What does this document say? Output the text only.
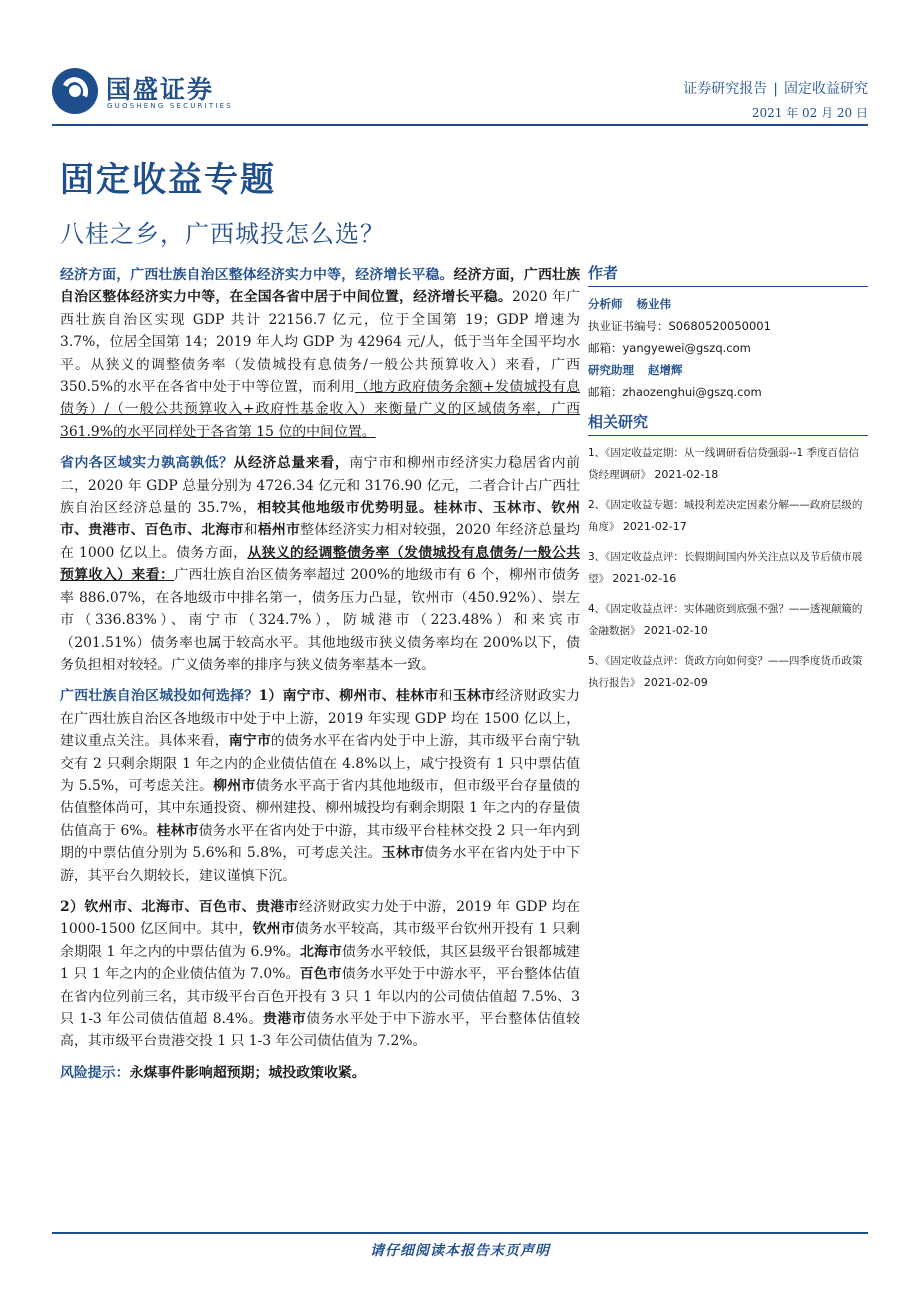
国盛证券
GUOSHENG SECURITIES
证券研究报告 | 固定收益研究
2021 年 02 月 20 日
固定收益专题
八桂之乡，广西城投怎么选？

经济方面，广西壮族自治区整体经济实力中等，经济增长平稳。经济方面，广西壮族自治区整体经济实力中等，在全国各省中居于中间位置，经济增长平稳。2020 年广西壮族自治区实现 GDP 共计 22156.7 亿元，位于全国第 19；GDP 增速为 3.7%，位居全国第 14；2019 年人均 GDP 为 42964 元/人，低于当年全国平均水平。从狭义的调整债务率（发债城投有息债务/一般公共预算收入）来看，广西 350.5%的水平在各省中处于中等位置，而利用（地方政府债务余额+发债城投有息债务）/（一般公共预算收入+政府性基金收入）来衡量广义的区域债务率，广西 361.9%的水平同样处于各省第 15 位的中间位置。

省内各区域实力孰高孰低？从经济总量来看，南宁市和柳州市经济实力稳居省内前二，2020 年 GDP 总量分别为 4726.34 亿元和 3176.90 亿元，二者合计占广西壮族自治区经济总量的 35.7%，相较其他地级市优势明显。桂林市、玉林市、钦州市、贵港市、百色市、北海市和梧州市整体经济实力相对较强，2020 年经济总量均在 1000 亿以上。债务方面，从狭义的经调整债务率（发债城投有息债务/一般公共预算收入）来看：广西壮族自治区债务率超过 200%的地级市有 6 个，柳州市债务率 886.07%，在各地级市中排名第一，债务压力凸显，钦州市（450.92%）、崇左市（336.83%）、南宁市（324.7%），防城港市（223.48%）和来宾市（201.51%）债务率也属于较高水平。其他地级市狭义债务率均在 200%以下，债务负担相对较轻。广义债务率的排序与狭义债务率基本一致。

广西壮族自治区城投如何选择？1）南宁市、柳州市、桂林市和玉林市经济财政实力在广西壮族自治区各地级市中处于中上游，2019 年实现 GDP 均在 1500 亿以上，建议重点关注。具体来看，南宁市的债务水平在省内处于中上游，其市级平台南宁轨交有 2 只剩余期限 1 年之内的企业债估值在 4.8%以上，咸宁投资有 1 只中票估值为 5.5%，可考虑关注。柳州市债务水平高于省内其他地级市，但市级平台存量债的估值整体尚可，其中东通投资、柳州建投、柳州城投均有剩余期限 1 年之内的存量债估值高于 6%。桂林市债务水平在省内处于中游，其市级平台桂林交投 2 只一年内到期的中票估值分别为 5.6%和 5.8%，可考虑关注。玉林市债务水平在省内处于中下游，其平台久期较长，建议谨慎下沉。

2）钦州市、北海市、百色市、贵港市经济财政实力处于中游，2019 年 GDP 均在 1000-1500 亿区间中。其中，钦州市债务水平较高，其市级平台钦州开投有 1 只剩余期限 1 年之内的中票估值为 6.9%。北海市债务水平较低，其区县级平台银都城建 1 只 1 年之内的企业债估值为 7.0%。百色市债务水平处于中游水平，平台整体估值在省内位列前三名，其市级平台百色开投有 3 只 1 年以内的公司债估值超 7.5%、3 只 1-3 年公司债估值超 8.4%。贵港市债务水平处于中下游水平，平台整体估值较高，其市级平台贵港交投 1 只 1-3 年公司债估值为 7.2%。

风险提示：永煤事件影响超预期；城投政策收紧。

作者
分析师 杨业伟
执业证书编号：S0680520050001
邮箱：yangyewei@gszq.com
研究助理 赵增辉
邮箱：zhaozenghui@gszq.com
相关研究
1、《固定收益定期：从一线调研看信贷强弱--1 季度百信信贷经理调研》 2021-02-18
2、《固定收益专题：城投利差决定因素分解——政府层级的角度》 2021-02-17
3、《固定收益点评：长假期间国内外关注点以及节后债市展望》 2021-02-16
4、《固定收益点评：实体融资到底强不强？——透视颠簸的金融数据》 2021-02-10
5、《固定收益点评：货政方向如何变？——四季度货币政策执行报告》 2021-02-09
请仔细阅读本报告末页声明
